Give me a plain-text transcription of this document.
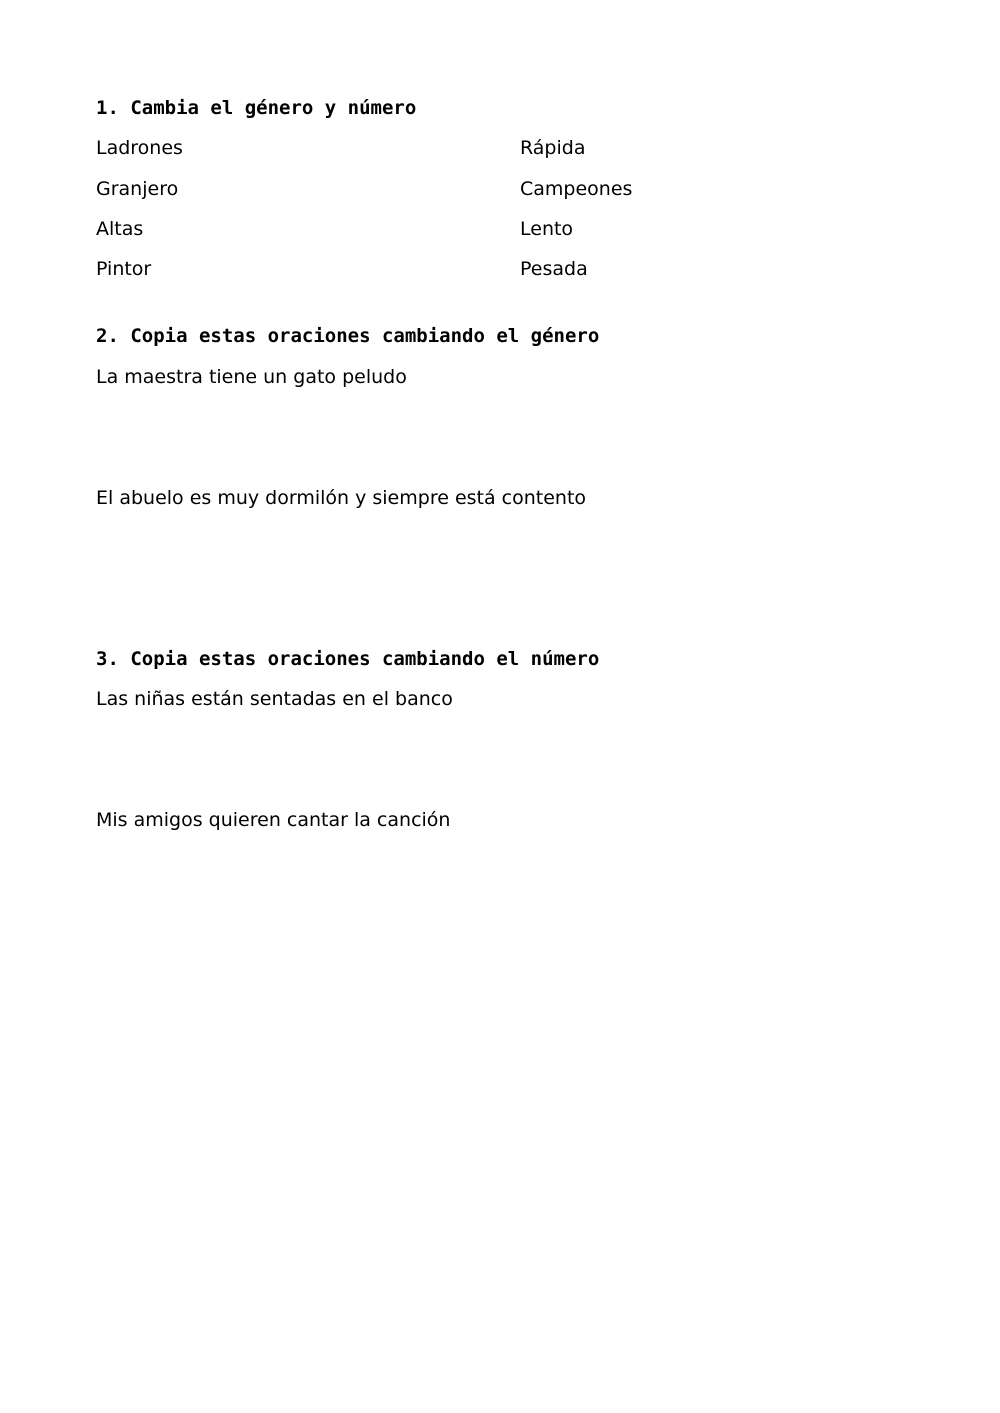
1. Cambia el género y número
Ladrones	Rápida
Granjero	Campeones
Altas	Lento
Pintor	Pesada
2. Copia estas oraciones cambiando el género
La maestra tiene un gato peludo
El abuelo es muy dormilón y siempre está contento
3. Copia estas oraciones cambiando el número
Las niñas están sentadas en el banco
Mis amigos quieren cantar la canción
